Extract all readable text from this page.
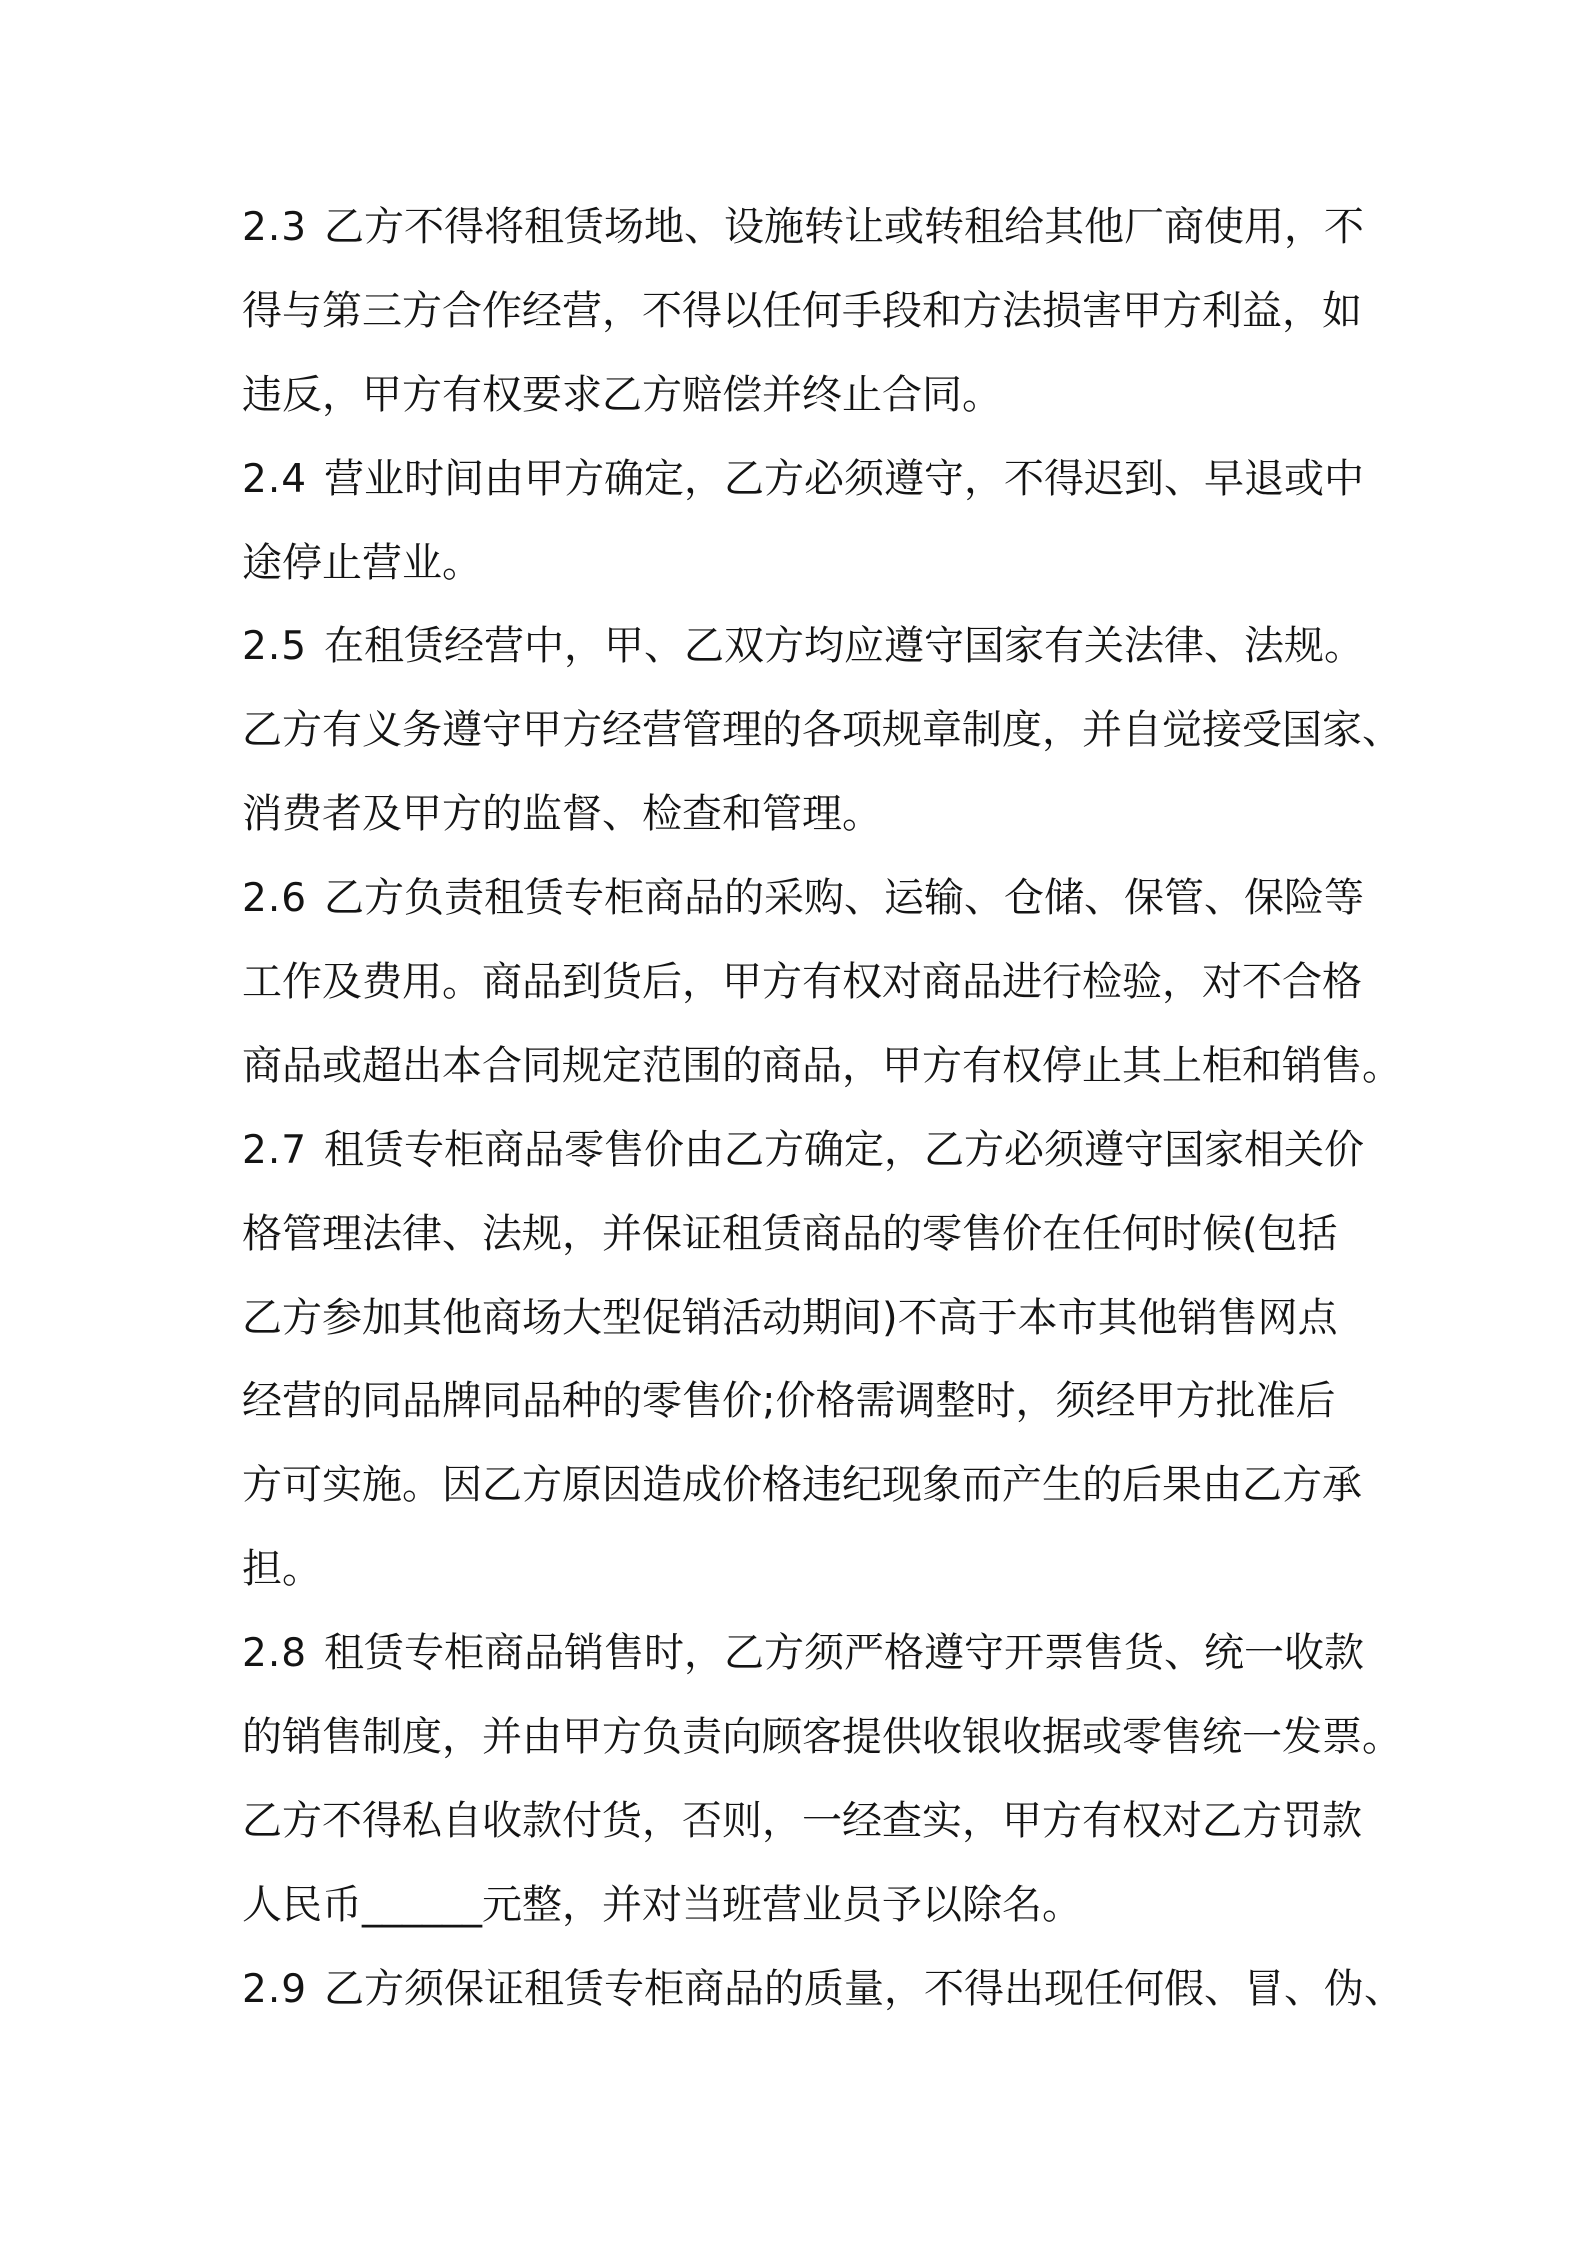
2.3 乙方不得将租赁场地、设施转让或转租给其他厂商使用，不
得与第三方合作经营，不得以任何手段和方法损害甲方利益，如
违反，甲方有权要求乙方赔偿并终止合同。
2.4 营业时间由甲方确定，乙方必须遵守，不得迟到、早退或中
途停止营业。
2.5 在租赁经营中，甲、乙双方均应遵守国家有关法律、法规。
乙方有义务遵守甲方经营管理的各项规章制度，并自觉接受国家、
消费者及甲方的监督、检查和管理。
2.6 乙方负责租赁专柜商品的采购、运输、仓储、保管、保险等
工作及费用。商品到货后，甲方有权对商品进行检验，对不合格
商品或超出本合同规定范围的商品，甲方有权停止其上柜和销售。
2.7 租赁专柜商品零售价由乙方确定，乙方必须遵守国家相关价
格管理法律、法规，并保证租赁商品的零售价在任何时候(包括
乙方参加其他商场大型促销活动期间)不高于本市其他销售网点
经营的同品牌同品种的零售价;价格需调整时，须经甲方批准后
方可实施。因乙方原因造成价格违纪现象而产生的后果由乙方承
担。
2.8 租赁专柜商品销售时，乙方须严格遵守开票售货、统一收款
的销售制度，并由甲方负责向顾客提供收银收据或零售统一发票。
乙方不得私自收款付货，否则，一经查实，甲方有权对乙方罚款
人民币______元整，并对当班营业员予以除名。
2.9 乙方须保证租赁专柜商品的质量，不得出现任何假、冒、伪、
